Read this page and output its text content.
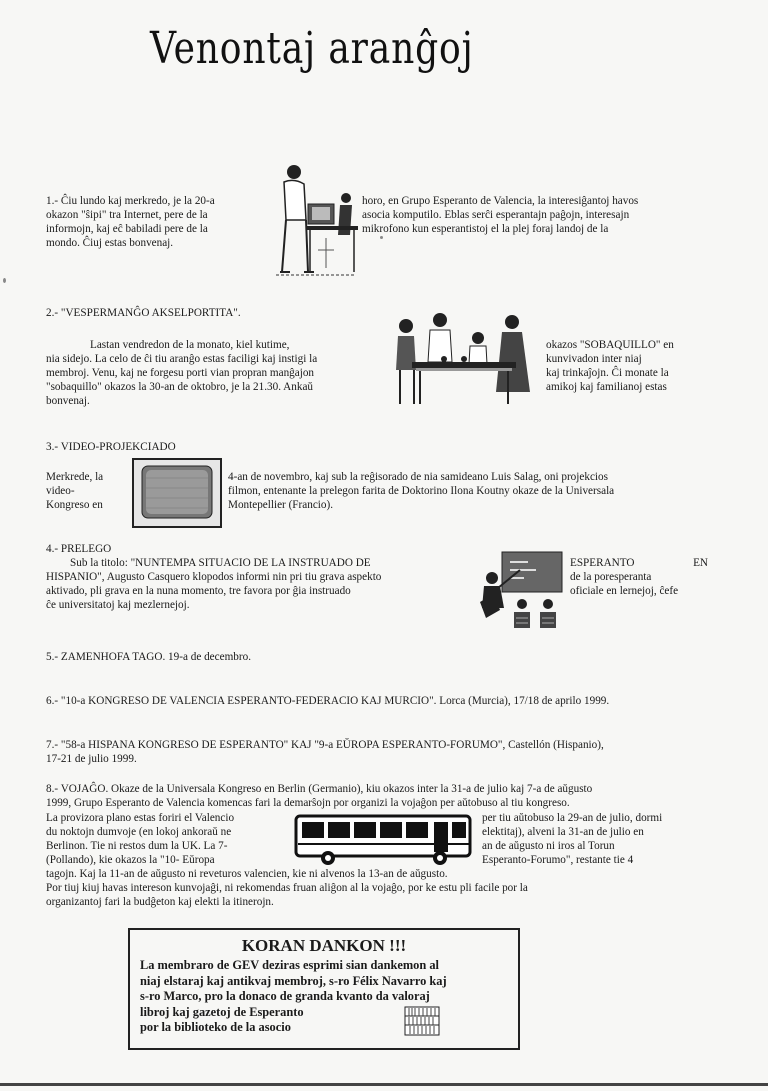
Venontaj aranĝoj
1.- Ĉiu lundo kaj merkredo, je la 20-a
okazon "ŝipi" tra Internet, pere de la
informojn, kaj eĉ babiladi pere de la
mondo. Ĉiuj estas bonvenaj.
horo, en Grupo Esperanto de Valencia, la interesiĝantoj havos
asocia komputilo. Eblas serĉi esperantajn paĝojn, interesajn
mikrofono kun esperantistoj el la plej foraj landoj de la
2.- "VESPERMANĜO AKSELPORTITA".
Lastan vendredon de la monato, kiel kutime,
nia sidejo. La celo de ĉi tiu aranĝo estas faciligi kaj instigi la
membroj. Venu, kaj ne forgesu porti vian propran manĝajon
"sobaquillo" okazos la 30-an de oktobro, je la 21.30. Ankaŭ
bonvenaj.
okazos "SOBAQUILLO" en
kunvivadon inter niaj
kaj trinkaĵojn. Ĉi monate la
amikoj kaj familianoj estas
3.- VIDEO-PROJEKCIADO
Merkrede, la
video-
Kongreso en
4-an de novembro, kaj sub la reĝisorado de nia samideano Luis Salag, oni projekcios
filmon, entenante la prelegon farita de Doktorino Ilona Koutny okaze de la Universala
Montepellier (Francio).
4.- PRELEGO
Sub la titolo: "NUNTEMPA SITUACIO DE LA INSTRUADO DE
HISPANIO", Augusto Casquero klopodos informi nin pri tiu grava aspekto
aktivado, pli grava en la nuna momento, tre favora por ĝia instruado
ĉe universitatoj kaj mezlernejoj.
ESPERANTO	EN
de la poresperanta
oficiale en lernejoj, ĉefe
5.- ZAMENHOFA TAGO. 19-a de decembro.
6.- "10-a KONGRESO DE VALENCIA ESPERANTO-FEDERACIO KAJ MURCIO". Lorca (Murcia), 17/18 de aprilo 1999.
7.- "58-a HISPANA KONGRESO DE ESPERANTO" KAJ "9-a EŬROPA ESPERANTO-FORUMO", Castellón (Hispanio),
17-21 de julio 1999.
8.- VOJAĜO. Okaze de la Universala Kongreso en Berlin (Germanio), kiu okazos inter la 31-a de julio kaj 7-a de aŭgusto
1999, Grupo Esperanto de Valencia komencas fari la demarŝojn por organizi la vojaĝon per aŭtobuso al tiu kongreso.
La provizora plano estas foriri el Valencio
du noktojn dumvoje (en lokoj ankoraŭ ne
Berlinon. Tie ni restos dum la UK. La 7-
(Pollando), kie okazos la "10- Eŭropa
per tiu aŭtobuso la 29-an de julio, dormi
elektitaj), alveni la 31-an de julio en
an de aŭgusto ni iros al Torun
Esperanto-Forumo", restante tie 4
tagojn. Kaj la 11-an de aŭgusto ni reveturos valencien, kie ni alvenos la 13-an de aŭgusto.
Por tiuj kiuj havas intereson kunvojaĝi, ni rekomendas fruan aliĝon al la vojaĝo, por ke estu pli facile por la
organizantoj fari la budĝeton kaj elekti la itinerojn.
KORAN DANKON !!!
La membraro de GEV deziras esprimi sian dankemon al
niaj elstaraj kaj antikvaj membroj, s-ro Félix Navarro kaj
s-ro Marco, pro la donaco de granda kvanto da valoraj
libroj kaj gazetoj de Esperanto
por la biblioteko de la asocio
